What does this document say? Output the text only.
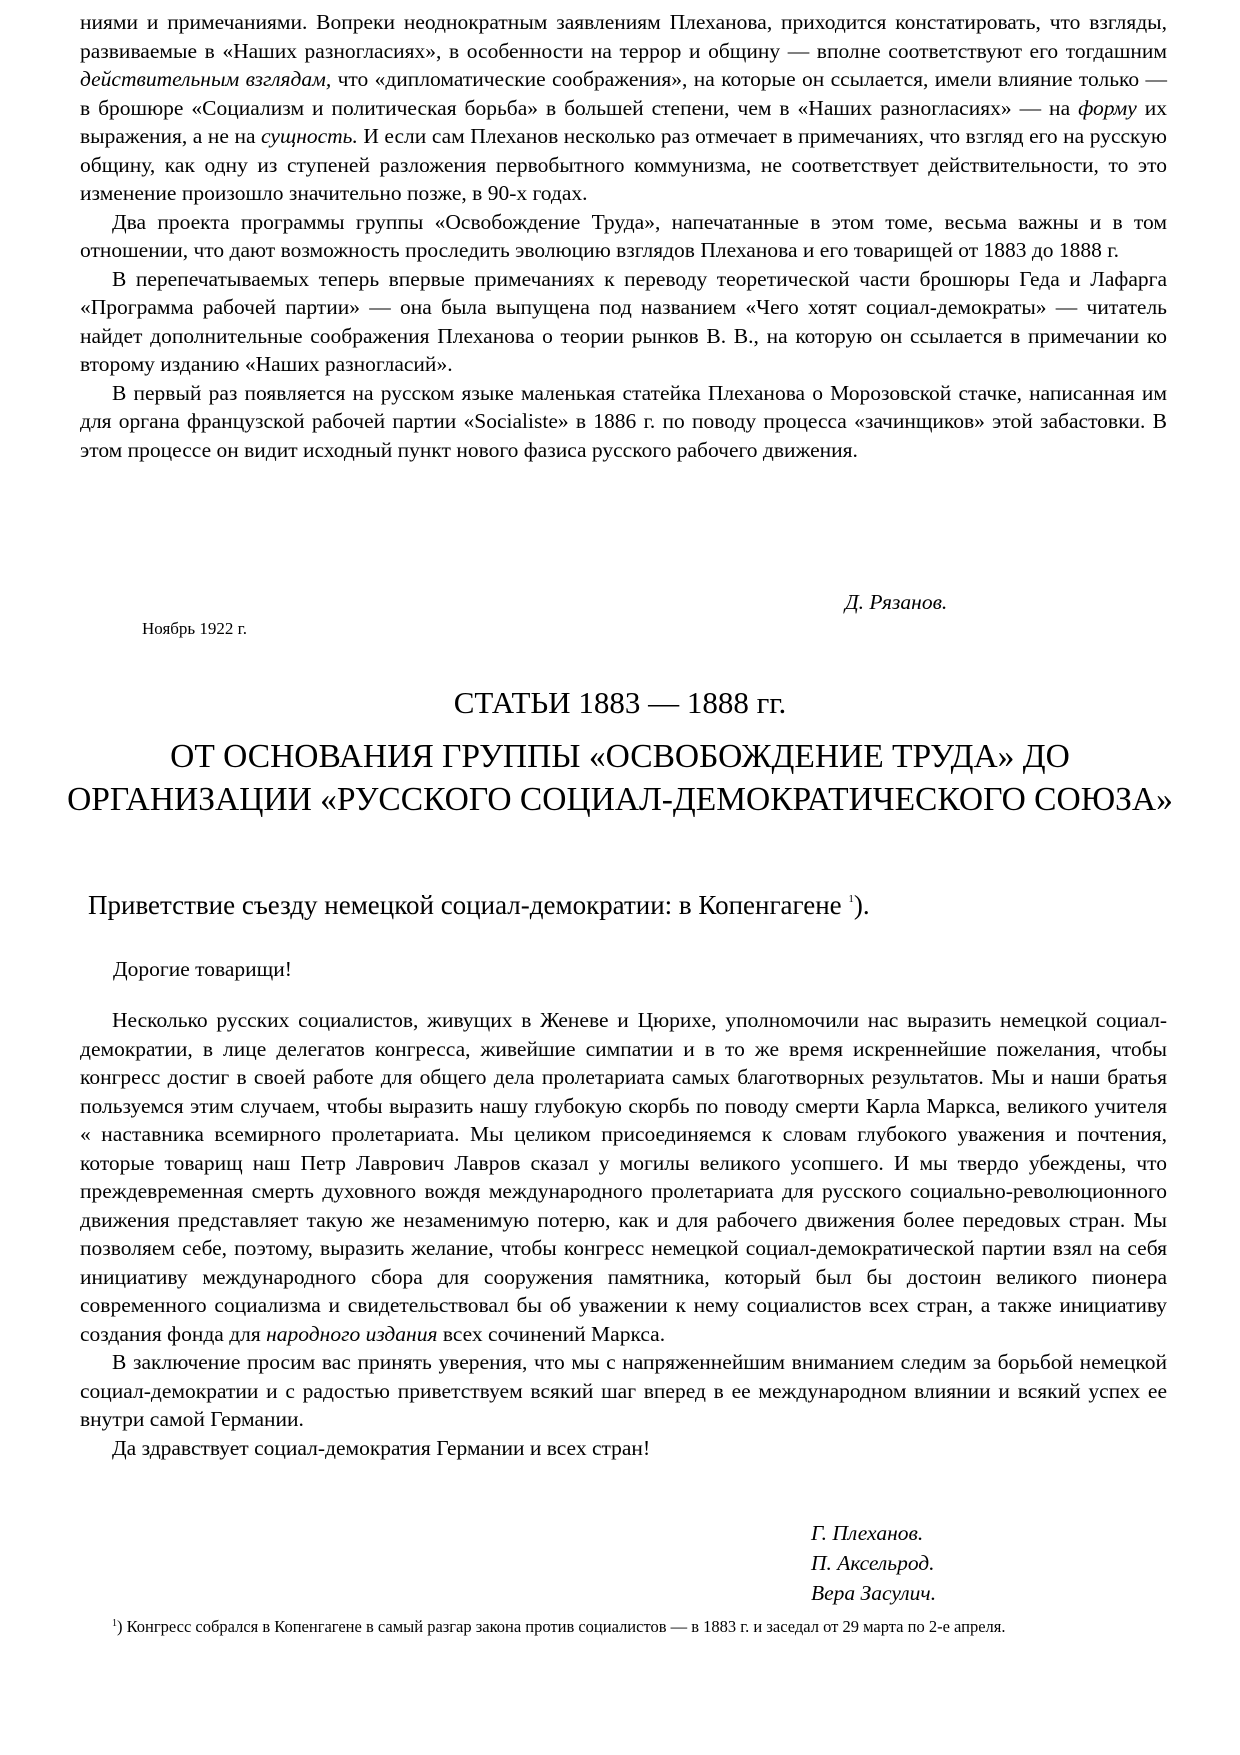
ниями и примечаниями. Вопреки неоднократным заявлениям Плеханова, приходится констатировать, что взгляды, развиваемые в «Наших разногласиях», в особенности на террор и общину — вполне соответствуют его тогдашним действительным взглядам, что «дипломатические соображения», на которые он ссылается, имели влияние только — в брошюре «Социализм и политическая борьба» в большей степени, чем в «Наших разногласиях» — на форму их выражения, а не на сущность. И если сам Плеханов несколько раз отмечает в примечаниях, что взгляд его на русскую общину, как одну из ступеней разложения первобытного коммунизма, не соответствует действительности, то это изменение произошло значительно позже, в 90-х годах.

Два проекта программы группы «Освобождение Труда», напечатанные в этом томе, весьма важны и в том отношении, что дают возможность проследить эволюцию взглядов Плеханова и его товарищей от 1883 до 1888 г.

В перепечатываемых теперь впервые примечаниях к переводу теоретической части брошюры Геда и Лафарга «Программа рабочей партии» — она была выпущена под названием «Чего хотят социал-демократы» — читатель найдет дополнительные соображения Плеханова о теории рынков В. В., на которую он ссылается в примечании ко второму изданию «Наших разногласий».

В первый раз появляется на русском языке маленькая статейка Плеханова о Морозовской стачке, написанная им для органа французской рабочей партии «Socialiste» в 1886 г. по поводу процесса «зачинщиков» этой забастовки. В этом процессе он видит исходный пункт нового фазиса русского рабочего движения.

Д. Рязанов.
Ноябрь 1922 г.
СТАТЬИ 1883 — 1888 гг.
ОТ ОСНОВАНИЯ ГРУППЫ «ОСВОБОЖДЕНИЕ ТРУДА» ДО ОРГАНИЗАЦИИ «РУССКОГО СОЦИАЛ-ДЕМОКРАТИЧЕСКОГО СОЮЗА»
Приветствие съезду немецкой социал-демократии: в Копенгагене $^1$).
Дорогие товарищи!

Несколько русских социалистов, живущих в Женеве и Цюрихе, уполномочили нас выразить немецкой социал-демократии, в лице делегатов конгресса, живейшие симпатии и в то же время искреннейшие пожелания, чтобы конгресс достиг в своей работе для общего дела пролетариата самых благотворных результатов. Мы и наши братья пользуемся этим случаем, чтобы выразить нашу глубокую скорбь по поводу смерти Карла Маркса, великого учителя « наставника всемирного пролетариата. Мы целиком присоединяемся к словам глубокого уважения и почтения, которые товарищ наш Петр Лаврович Лавров сказал у могилы великого усопшего. И мы твердо убеждены, что преждевременная смерть духовного вождя международного пролетариата для русского социально-революционного движения представляет такую же незаменимую потерю, как и для рабочего движения более передовых стран. Мы позволяем себе, поэтому, выразить желание, чтобы конгресс немецкой социал-демократической партии взял на себя инициативу международного сбора для сооружения памятника, который был бы достоин великого пионера современного социализма и свидетельствовал бы об уважении к нему социалистов всех стран, а также инициативу создания фонда для народного издания всех сочинений Маркса.

В заключение просим вас принять уверения, что мы с напряженнейшим вниманием следим за борьбой немецкой социал-демократии и с радостью приветствуем всякий шаг вперед в ее международном влиянии и всякий успех ее внутри самой Германии.

Да здравствует социал-демократия Германии и всех стран!

Г. Плеханов.
П. Аксельрод.
Вера Засулич.
$^1$) Конгресс собрался в Копенгагене в самый разгар закона против социалистов — в 1883 г. и заседал от 29 марта по 2-е апреля.
